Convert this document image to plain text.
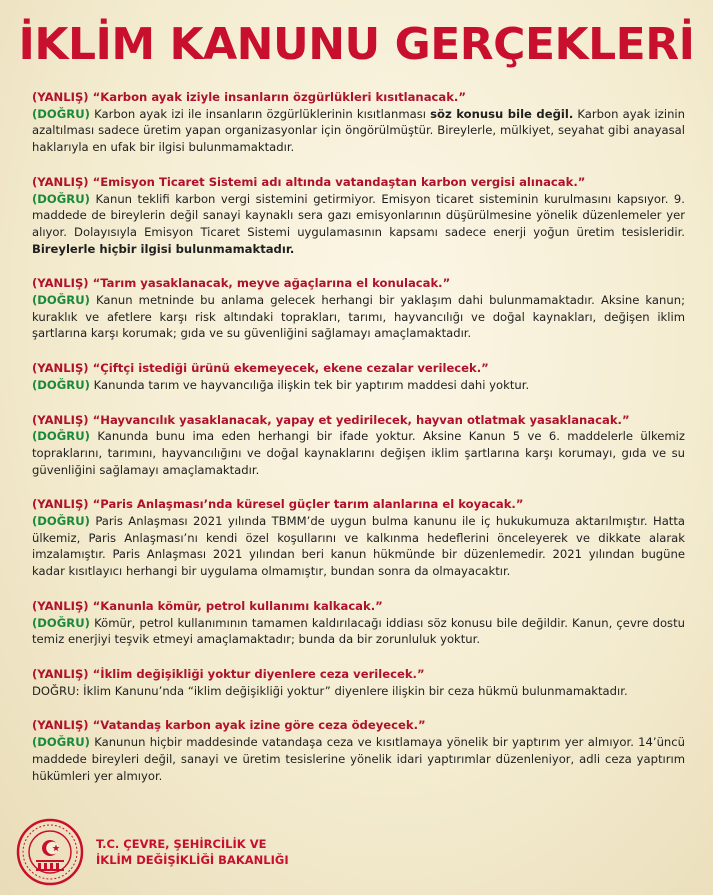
İKLİM KANUNU GERÇEKLERİ
(YANLIŞ) “Karbon ayak iziyle insanların özgürlükleri kısıtlanacak.”
(DOĞRU) Karbon ayak izi ile insanların özgürlüklerinin kısıtlanması söz konusu bile değil. Karbon ayak izinin azaltılması sadece üretim yapan organizasyonlar için öngörülmüştür. Bireylerle, mülkiyet, seyahat gibi anayasal haklarıyla en ufak bir ilgisi bulunmamaktadır.
(YANLIŞ) “Emisyon Ticaret Sistemi adı altında vatandaştan karbon vergisi alınacak.”
(DOĞRU) Kanun teklifi karbon vergi sistemini getirmiyor. Emisyon ticaret sisteminin kurulmasını kapsıyor. 9. maddede de bireylerin değil sanayi kaynaklı sera gazı emisyonlarının düşürülmesine yönelik düzenlemeler yer alıyor. Dolayısıyla Emisyon Ticaret Sistemi uygulamasının kapsamı sadece enerji yoğun üretim tesisleridir. Bireylerle hiçbir ilgisi bulunmamaktadır.
(YANLIŞ) “Tarım yasaklanacak, meyve ağaçlarına el konulacak.”
(DOĞRU) Kanun metninde bu anlama gelecek herhangi bir yaklaşım dahi bulunmamaktadır. Aksine kanun; kuraklık ve afetlere karşı risk altındaki toprakları, tarımı, hayvancılığı ve doğal kaynakları, değişen iklim şartlarına karşı korumak; gıda ve su güvenliğini sağlamayı amaçlamaktadır.
(YANLIŞ) “Çiftçi istediği ürünü ekemeyecek, ekene cezalar verilecek.”
(DOĞRU) Kanunda tarım ve hayvancılığa ilişkin tek bir yaptırım maddesi dahi yoktur.
(YANLIŞ) “Hayvancılık yasaklanacak, yapay et yedirilecek, hayvan otlatmak yasaklanacak.”
(DOĞRU) Kanunda bunu ima eden herhangi bir ifade yoktur. Aksine Kanun 5 ve 6. maddelerle ülkemiz topraklarını, tarımını, hayvancılığını ve doğal kaynaklarını değişen iklim şartlarına karşı korumayı, gıda ve su güvenliğini sağlamayı amaçlamaktadır.
(YANLIŞ) “Paris Anlaşması’nda küresel güçler tarım alanlarına el koyacak.”
(DOĞRU) Paris Anlaşması 2021 yılında TBMM’de uygun bulma kanunu ile iç hukukumuza aktarılmıştır. Hatta ülkemiz, Paris Anlaşması’nı kendi özel koşullarını ve kalkınma hedeflerini önceleyerek ve dikkate alarak imzalamıştır. Paris Anlaşması 2021 yılından beri kanun hükmünde bir düzenlemedir. 2021 yılından bugüne kadar kısıtlayıcı herhangi bir uygulama olmamıştır, bundan sonra da olmayacaktır.
(YANLIŞ) “Kanunla kömür, petrol kullanımı kalkacak.”
(DOĞRU) Kömür, petrol kullanımının tamamen kaldırılacağı iddiası söz konusu bile değildir. Kanun, çevre dostu temiz enerjiyi teşvik etmeyi amaçlamaktadır; bunda da bir zorunluluk yoktur.
(YANLIŞ) “İklim değişikliği yoktur diyenlere ceza verilecek.”
DOĞRU: İklim Kanunu’nda “iklim değişikliği yoktur” diyenlere ilişkin bir ceza hükmü bulunmamaktadır.
(YANLIŞ) “Vatandaş karbon ayak izine göre ceza ödeyecek.”
(DOĞRU) Kanunun hiçbir maddesinde vatandaşa ceza ve kısıtlamaya yönelik bir yaptırım yer almıyor. 14’üncü maddede bireyleri değil, sanayi ve üretim tesislerine yönelik idari yaptırımlar düzenleniyor, adli ceza yaptırım hükümleri yer almıyor.
T.C. ÇEVRE, ŞEHİRCİLİK VE
İKLİM DEĞİŞİKLİĞİ BAKANLIĞI
